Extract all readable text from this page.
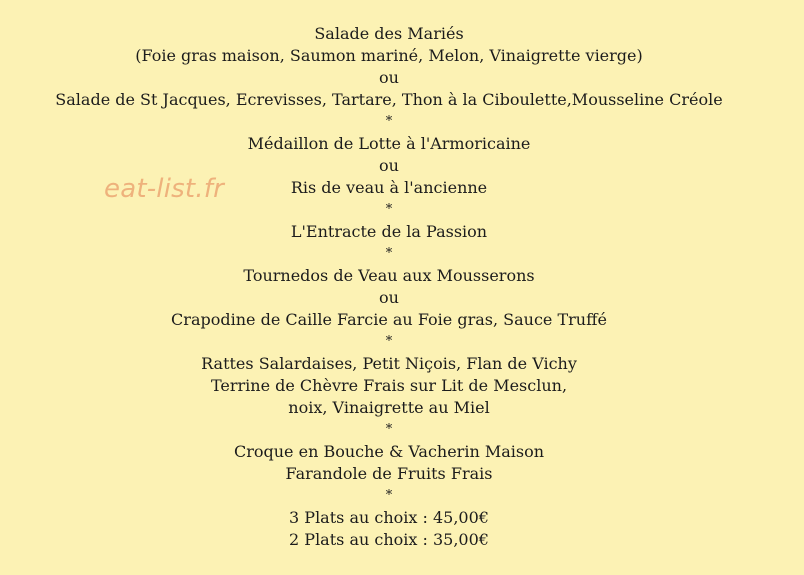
eat-list.fr
Salade des Mariés
(Foie gras maison, Saumon mariné, Melon, Vinaigrette vierge)
ou
Salade de St Jacques, Ecrevisses, Tartare, Thon à la Ciboulette,Mousseline Créole
*
Médaillon de Lotte à l'Armoricaine
ou
Ris de veau à l'ancienne
*
L'Entracte de la Passion
*
Tournedos de Veau aux Mousserons
ou
Crapodine de Caille Farcie au Foie gras, Sauce Truffé
*
Rattes Salardaises, Petit Niçois, Flan de Vichy
Terrine de Chèvre Frais sur Lit de Mesclun,
noix, Vinaigrette au Miel
*
Croque en Bouche & Vacherin Maison
Farandole de Fruits Frais
*
3 Plats au choix : 45,00€
2 Plats au choix : 35,00€
